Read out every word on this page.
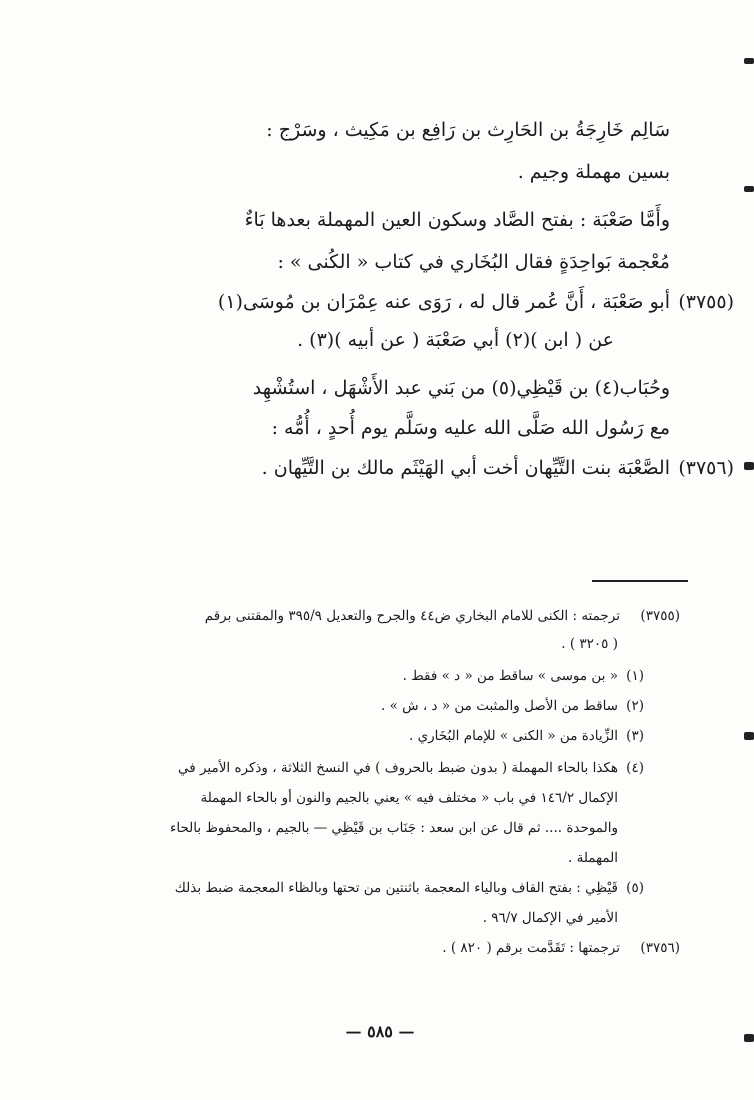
سَالِم خَارِجَةُ بن الحَارِث بن رَافِع بن مَكِيث ، وسَرْج :
بسين مهملة وجيم .
وأَمَّا صَعْبَة : بفتح الصَّاد وسكون العين المهملة بعدها بَاءٌ
مُعْجمة بَواحِدَةٍ فقال البُخَاري في كتاب « الكُنى » :
أبو صَعْبَة ، أَنَّ عُمر قال له ، رَوَى عنه عِمْرَان بن مُوسَى(١) (٣٧٥٥)
عن ( ابن )(٢) أبي صَعْبَة ( عن أبيه )(٣) .
وحُبَاب(٤) بن قَيْظِي(٥) من بَني عبد الأَشْهَل ، استُشْهِد
مع رَسُول الله صَلَّى الله عليه وسَلَّم يوم أُحدٍ ، أُمُّه :
الصَّعْبَة بنت التَّيِّهان أخت أبي الهَيْثَم مالك بن التَّيِّهان . (٣٧٥٦)
(٣٧٥٥)
ترجمته : الكنى للامام البخاري ض٤٤ والجرح والتعديل ٣٩٥/٩ والمقتنى برقم
( ٣٢٠٥ ) .
(١)
« بن موسى » ساقط من « د » فقط .
(٢)
ساقط من الأصل والمثبت من « د ، ش » .
(٣)
الزِّيادة من « الكنى » للإمام البُخَاري .
(٤)
هكذا بالحاء المهملة ( بدون ضبط بالحروف ) في النسخ الثلاثة ، وذكره الأمير في
الإكمال ١٤٦/٢ في باب « مختلف فيه » يعني بالجيم والنون أو بالحاء المهملة
والموحدة .... ثم قال عن ابن سعد : جَنَاب بن قَيْظِي — بالجيم ، والمحفوظ بالحاء
المهملة .
(٥)
قَيْظِي : بفتح القاف وبالياء المعجمة باثنتين من تحتها وبالظاء المعجمة ضبط بذلك
الأمير في الإكمال ٩٦/٧ .
(٣٧٥٦)
ترجمتها : تَقَدَّمت برقم ( ٨٢٠ ) .
— ٥٨٥ —
